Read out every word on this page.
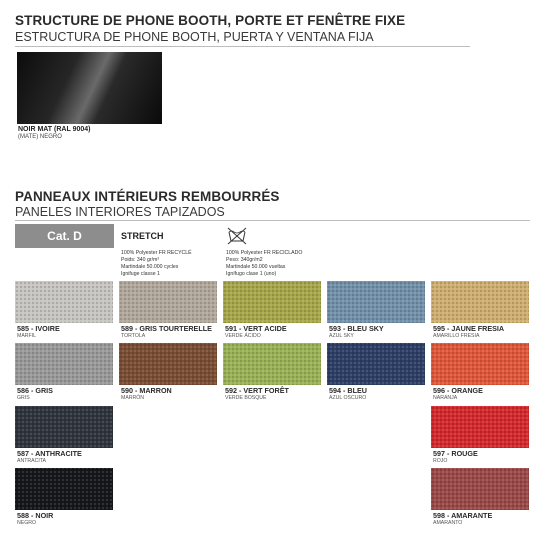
STRUCTURE DE PHONE BOOTH, PORTE ET FENÊTRE FIXE
ESTRUCTURA DE PHONE BOOTH, PUERTA Y VENTANA FIJA
NOIR MAT (RAL 9004)
(MATE) NEGRO
PANNEAUX INTÉRIEURS REMBOURRÉS
PANELES INTERIORES TAPIZADOS
Cat. D	STRETCH
100% Polyester FR RECYCLÉ
Poids: 340 gr/m²
Martindale 50.000 cycles
Ignifuge classe 1
100% Polyester FR RECICLADO
Peso: 340gr/m2
Martindale 50.000 vueltas
Ignífugo clase 1 (uno)
585 - IVOIRE
MARFIL
589 - GRIS TOURTERELLE
TORTOLA
591 - VERT ACIDE
VERDE ÁCIDO
593 - BLEU SKY
AZUL SKY
595 - JAUNE FRESIA
AMARILLO FRESIA
586 - GRIS
GRIS
590 - MARRON
MARRÓN
592 - VERT FORÊT
VERDE BOSQUE
594 - BLEU
AZUL OSCURO
596 - ORANGE
NARANJA
587 - ANTHRACITE
ANTRACITA
597 - ROUGE
ROJO
588 - NOIR
NEGRO
598 - AMARANTE
AMARANTO
